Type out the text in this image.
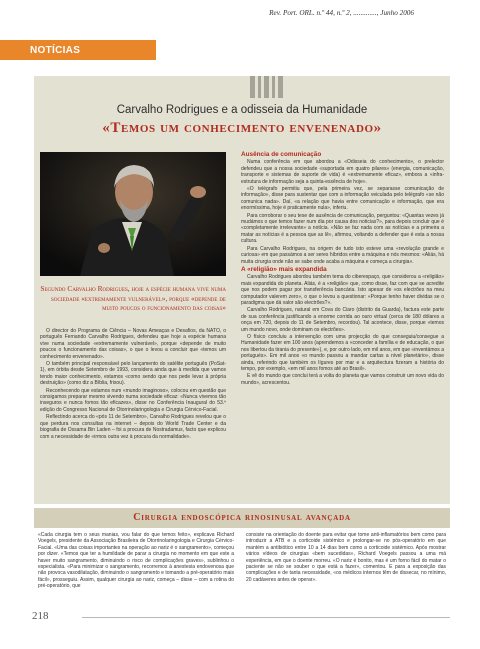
Rev. Port. ORL. n.º 44, n.º 2, ............., Junho 2006
NOTÍCIAS
Carvalho Rodrigues e a odisseia da Humanidade
«Temos um conhecimento envenenado»
Segundo Carvalho Rodrigues, hoje a espécie humana vive numa sociedade «extremamente vulnerável», porque «depende de muito poucos o funcionamento das coisas»

O director do Programa de Ciência – Novas Ameaças e Desafios, da NATO, o português Fernando Carvalho Rodrigues, defendeu que hoje a espécie humana vive numa sociedade «extremamente vulnerável», porque «depende de muito poucos o funcionamento das coisas», o que o levou a concluir que «temos um conhecimento envenenado».

O também principal responsável pelo lançamento do satélite português (PoSat-1), em órbita desde Setembro de 1993, considera ainda que à medida que vamos tendo maior conhecimento, estamos «como sendo que nos pede levar à própria destruição» (como diz a Bíblia, frisou).

Reconhecendo que estamos num «mundo imaginoso», colocou em questão que consigamos preparar mesmo vivendo numa sociedade eficaz: «Nunca vivemos tão inseguros e nunca fomos tão eficazes», disse no Conferência Inaugural do 53.º edição do Congresso Nacional de Otorrinolaringologia e Cirurgia Cérvico-Facial.

Reflectindo acerca do «pós 11 de Setembro», Carvalho Rodrigues revelou que o que perdura nos consultas na internet – depois do World Trade Center e da biografia de Ossama Bin Laden – foi a procura de Nostradamus, facto que explicou com a necessidade de «irmos outra vez à procura da normalidade».

Ausência de comunicação

Numa conferência em que abordou a «Odisseia do conhecimento», o prelector defendeu que a nossa sociedade «suportada em quatro pilares» (energia, comunicação, transporte e sistemas de suporte de vida) é «extremamente eficaz», embora a «infra-estrutura de informação seja a quinta-essência de hoje».

«O telégrafo permitiu que, pela primeira vez, se separasse comunicação de informação», disse para sustentar que com a informação veiculada pelo telégrafo «se não comunica nada». Daí, «a relação que havia entre comunicação e informação, que era enormíssima, hoje é praticamente nula», inferiu.

Para corroborar o seu tese de ausência de comunicação, perguntou: «Quantas vezes já mudámos o que temos fazer num dia por causa dos noticias?», para depois concluir que é «completamente irrelevante» a notícia. «Não se faz nada com as notícias e a primeira a matar as notícias é a pessoa que as lê», afirmou, voltando a defender que é esta a nossa cultura.

Para Carvalho Rodrigues, na origem de tudo isto esteve uma «revolução grande e curiosa» em que passámos a ser seres híbridos entre a máquina e nós mesmos: «Aliás, há muita cirurgia onde não se sabe onde acaba a máquina e começa a cirurgia».

A «religião» mais expandida

Carvalho Rodrigues abordou também tema do ciberespaço, que considerou a «religião» mais expandida do planeta. Aliás, é a «religião» que, como disse, faz com que se acredite que nos podem pagar por transferência bancária. Isto apesar de «os electrões na meu computador valerem zero», o que o levou a questionar: «Porque tenho haver dividas se o paradigma que dá valor são electrões?».

Carvalho Rodrigues, natural em Cova do Ciaro (distrito da Guarda), factura este parte de sua conferência justificando a enorme corrida ao ouro virtual (cerca de 180 dólares a onça em 720, depois do 11 de Setembro, recordou). Tal acontece, disse, porque «temos um mundo novo, onde dominam os electrões».

O físico concluiu a intervenção com uma projecção do que conseguiu/consegue a Humanidade fazer em 100 anos (aprendemos a «conceder a família e de educação, o que nos libertou da tirania do presente»), e, por outro lado, em mil anos, em que «inventámos a portugués». Em mil anos «o mundo passou a mandar cartas a nível planetário», disse ainda, referindo que também os lígures por mar e a arquitectura fizeram a história do tempo, por exemplo, «em mil anos fomos até ao Brasil».

E vê do mundo que conclui terá a volta do planeta que vamos construir um novo vida do mundo», acrescentou.

Cirurgia endoscópica rinosinusal avançada
«Cada cirurgia tem o seus manias, vou falar do que temos feito», explicava Richard Voegels, presidente da Associação Brasileira de Otorrinolaringologia e Cirurgia Cérvico-Facial. «Uma das coisas importantes na operação ao nariz é o sangramento», começou por dizer. «Temos que ter a humildade de parar a cirurgia no momento em que este a haver muito sangramento, diminuindo o risco de complicações graves», sublinhou o especialista. «Para minimizar o sangramento, recorremos à anestesia endovenosa que não provoca vasodilatação, diminuindo o sangramento e tomando a pré-operatório mais fácil», prosseguiu. Assim, qualquer cirurgia ao nariz, começa – disse – com a rotina do pré-operatório, que
consiste na orientação do doente para evitar que tome anti-inflamatórios bem como para introduzir a ATB e a corticoide sistémico e prolongar-se no pós-operatório em que mantém a antibiótico entre 10 a 14 dias bem como a corticoide sistémico. Após mostrar vários vídeos de cirurgias «bem sucedidas», Richard Voegels passou a uma má experiência, em que o doente morreu. «O nariz é bonito, mas é um forno fácil do matar o paciente se não se souber o que está a fazer», comentou. E para a exposição das complicações e de tanta necessidade, «os médicos internos têm de dissecar, no mínimo, 20 cadáveres antes de operar».
218
